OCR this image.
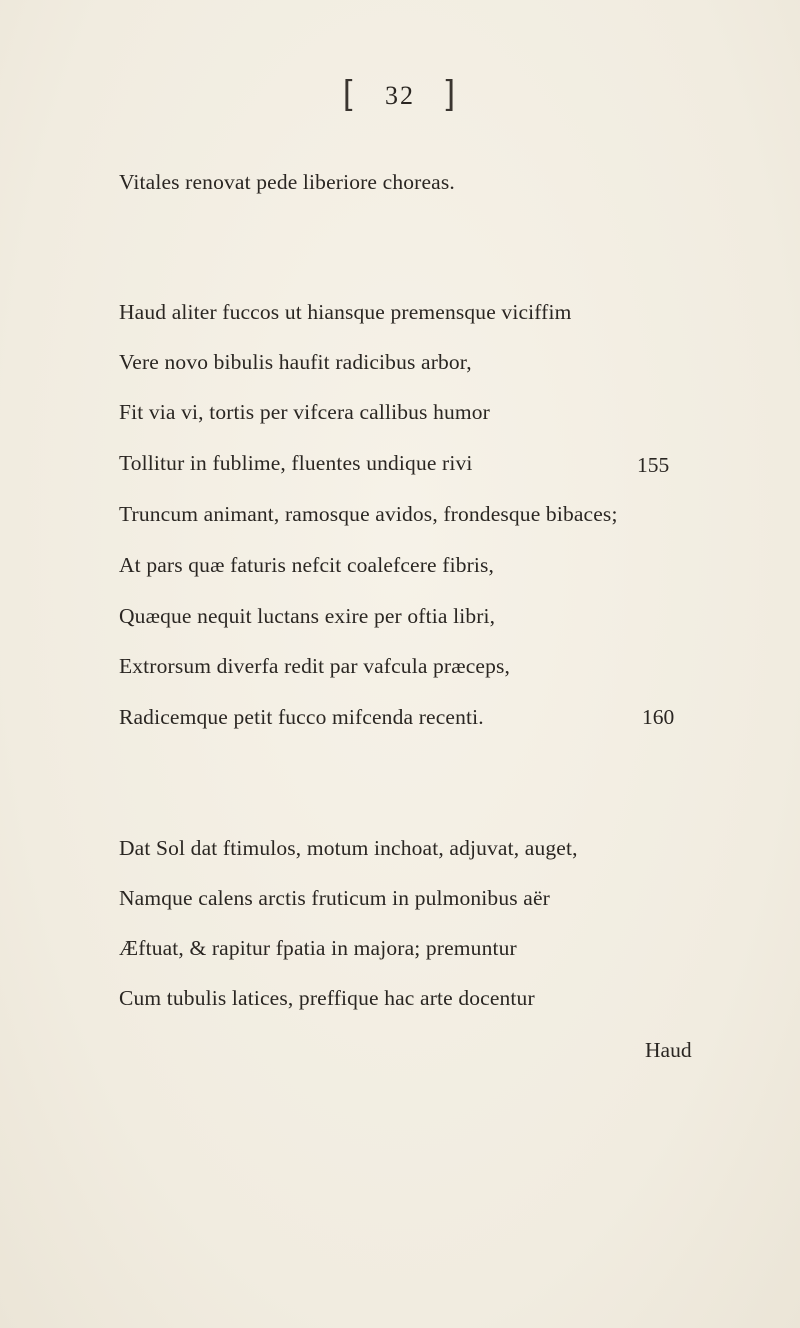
[ 32 ]
Vitales renovat pede liberiore choreas.
Haud aliter fuccos ut hiansque premensque viciffim
Vere novo bibulis haufit radicibus arbor,
Fit via vi, tortis per vifcera callibus humor
Tollitur in fublime, fluentes undique rivi	155
Truncum animant, ramosque avidos, frondesque bibaces;
At pars quæ faturis nefcit coalefcere fibris,
Quæque nequit luctans exire per oftia libri,
Extrorsum diverfa redit par vafcula præceps,
Radicemque petit fucco mifcenda recenti.	160
Dat Sol dat ftimulos, motum inchoat, adjuvat, auget,
Namque calens arctis fruticum in pulmonibus aër
Æftuat, & rapitur fpatia in majora; premuntur
Cum tubulis latices, preffique hac arte docentur
Haud
